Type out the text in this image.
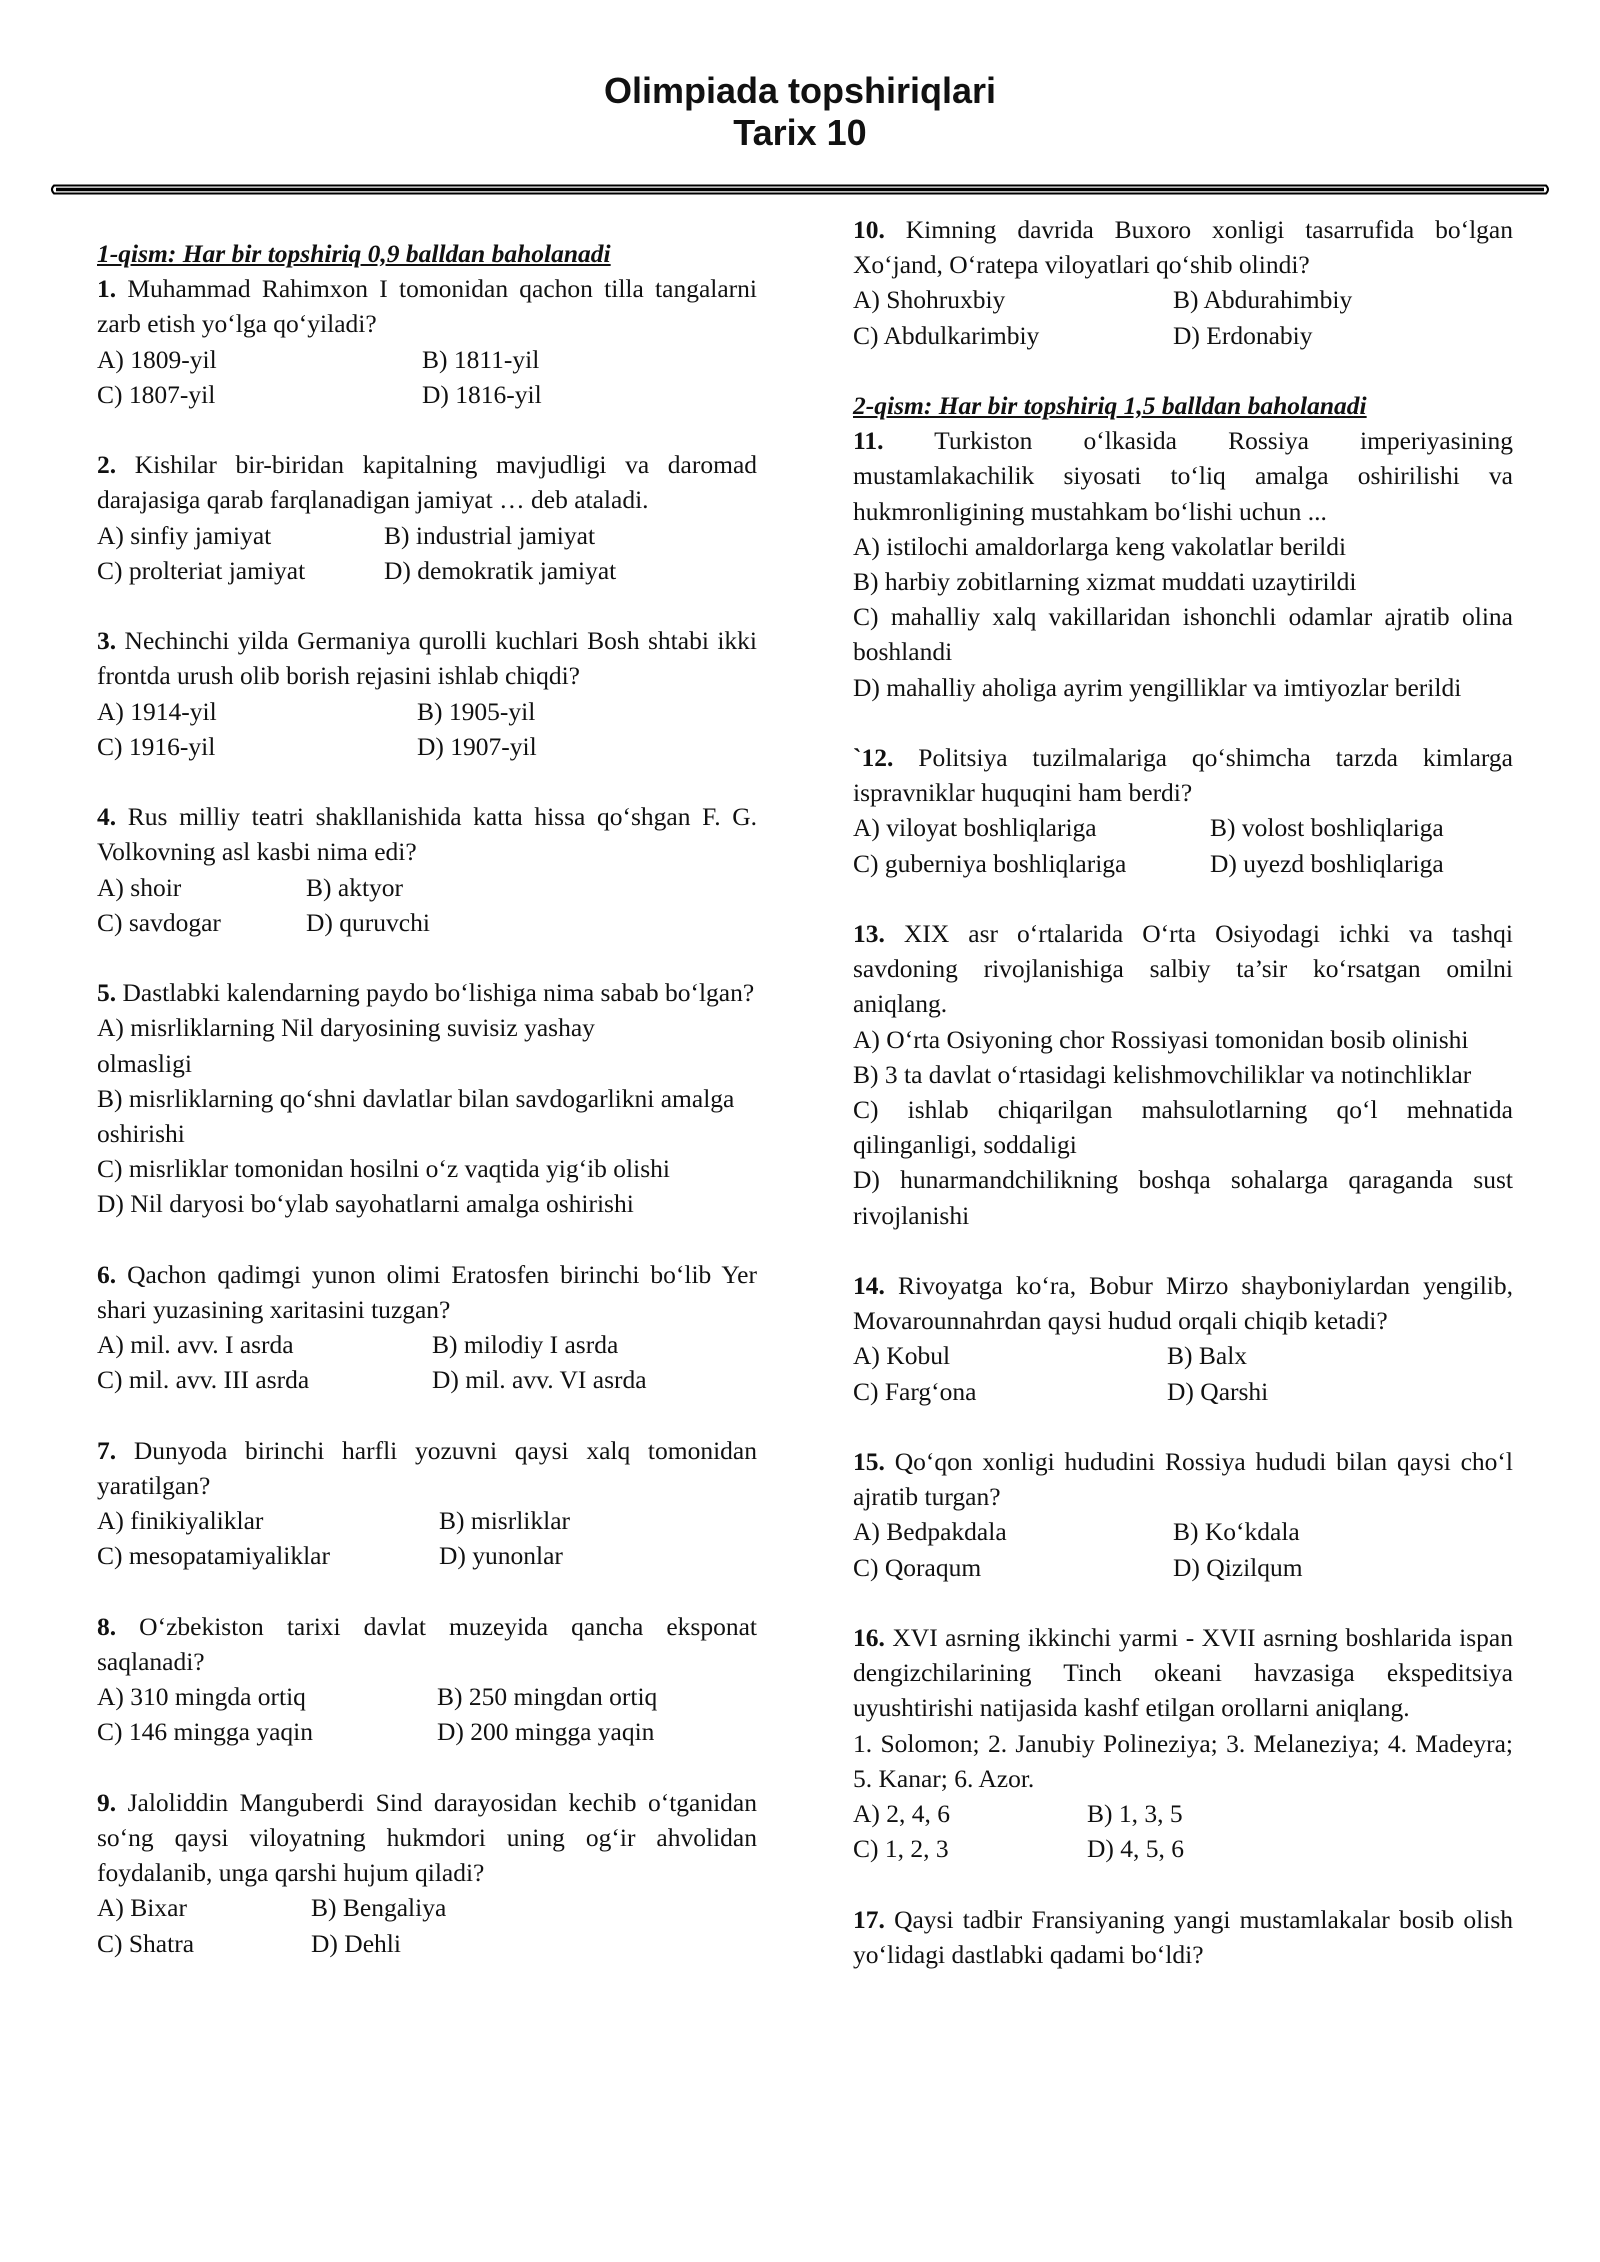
Olimpiada topshiriqlari
Tarix 10
1-qism: Har bir topshiriq 0,9 balldan baholanadi
1. Muhammad Rahimxon I tomonidan qachon tilla tangalarni zarb etish yo‘lga qo‘yiladi?
A) 1809-yil	B) 1811-yil
C) 1807-yil	D) 1816-yil
2. Kishilar bir-biridan kapitalning mavjudligi va daromad darajasiga qarab farqlanadigan jamiyat … deb ataladi.
A) sinfiy jamiyat	B) industrial jamiyat
C) prolteriat jamiyat	D) demokratik jamiyat
3. Nechinchi yilda Germaniya qurolli kuchlari Bosh shtabi ikki frontda urush olib borish rejasini ishlab chiqdi?
A) 1914-yil	B) 1905-yil
C) 1916-yil	D) 1907-yil
4. Rus milliy teatri shakllanishida katta hissa qo‘shgan F. G. Volkovning asl kasbi nima edi?
A) shoir	B) aktyor
C) savdogar	D) quruvchi
5. Dastlabki kalendarning paydo bo‘lishiga nima sabab bo‘lgan?
A) misrliklarning Nil daryosining suvisiz yashay olmasligi
B) misrliklarning qo‘shni davlatlar bilan savdogarlikni amalga oshirishi
C) misrliklar tomonidan hosilni o‘z vaqtida yig‘ib olishi
D) Nil daryosi bo‘ylab sayohatlarni amalga oshirishi
6. Qachon qadimgi yunon olimi Eratosfen birinchi bo‘lib Yer shari yuzasining xaritasini tuzgan?
A) mil. avv. I asrda	B) milodiy I asrda
C) mil. avv. III asrda	D) mil. avv. VI asrda
7. Dunyoda birinchi harfli yozuvni qaysi xalq tomonidan yaratilgan?
A) finikiyaliklar	B) misrliklar
C) mesopatamiyaliklar	D) yunonlar
8. O‘zbekiston tarixi davlat muzeyida qancha eksponat saqlanadi?
A) 310 mingda ortiq	B) 250 mingdan ortiq
C) 146 mingga yaqin	D) 200 mingga yaqin
9. Jaloliddin Manguberdi Sind darayosidan kechib o‘tganidan so‘ng qaysi viloyatning hukmdori uning og‘ir ahvolidan foydalanib, unga qarshi hujum qiladi?
A) Bixar	B) Bengaliya
C) Shatra	D) Dehli
10. Kimning davrida Buxoro xonligi tasarrufida bo‘lgan Xo‘jand, O‘ratepa viloyatlari qo‘shib olindi?
A) Shohruxbiy	B) Abdurahimbiy
C) Abdulkarimbiy	D) Erdonabiy
2-qism: Har bir topshiriq 1,5 balldan baholanadi
11. Turkiston o‘lkasida Rossiya imperiyasining mustamlakachilik siyosati to‘liq amalga oshirilishi va hukmronligining mustahkam bo‘lishi uchun ...
A) istilochi amaldorlarga keng vakolatlar berildi
B) harbiy zobitlarning xizmat muddati uzaytirildi
C) mahalliy xalq vakillaridan ishonchli odamlar ajratib olina boshlandi
D) mahalliy aholiga ayrim yengilliklar va imtiyozlar berildi
`12. Politsiya tuzilmalariga qo‘shimcha tarzda kimlarga ispravniklar huquqini ham berdi?
A) viloyat boshliqlariga	B) volost boshliqlariga
C) guberniya boshliqlariga	D) uyezd boshliqlariga
13. XIX asr o‘rtalarida O‘rta Osiyodagi ichki va tashqi savdoning rivojlanishiga salbiy ta’sir ko‘rsatgan omilni aniqlang.
A) O‘rta Osiyoning chor Rossiyasi tomonidan bosib olinishi
B) 3 ta davlat o‘rtasidagi kelishmovchiliklar va notinchliklar
C) ishlab chiqarilgan mahsulotlarning qo‘l mehnatida qilinganligi, soddaligi
D) hunarmandchilikning boshqa sohalarga qaraganda sust rivojlanishi
14. Rivoyatga ko‘ra, Bobur Mirzo shayboniylardan yengilib, Movarounnahrdan qaysi hudud orqali chiqib ketadi?
A) Kobul	B) Balx
C) Farg‘ona	D) Qarshi
15. Qo‘qon xonligi hududini Rossiya hududi bilan qaysi cho‘l ajratib turgan?
A) Bedpakdala	B) Ko‘kdala
C) Qoraqum	D) Qizilqum
16. XVI asrning ikkinchi yarmi - XVII asrning boshlarida ispan dengizchilarining Tinch okeani havzasiga ekspeditsiya uyushtirishi natijasida kashf etilgan orollarni aniqlang.
1. Solomon; 2. Janubiy Polineziya; 3. Melaneziya; 4. Madeyra; 5. Kanar; 6. Azor.
A) 2, 4, 6	B) 1, 3, 5
C) 1, 2, 3	D) 4, 5, 6
17. Qaysi tadbir Fransiyaning yangi mustamlakalar bosib olish yo‘lidagi dastlabki qadami bo‘ldi?
